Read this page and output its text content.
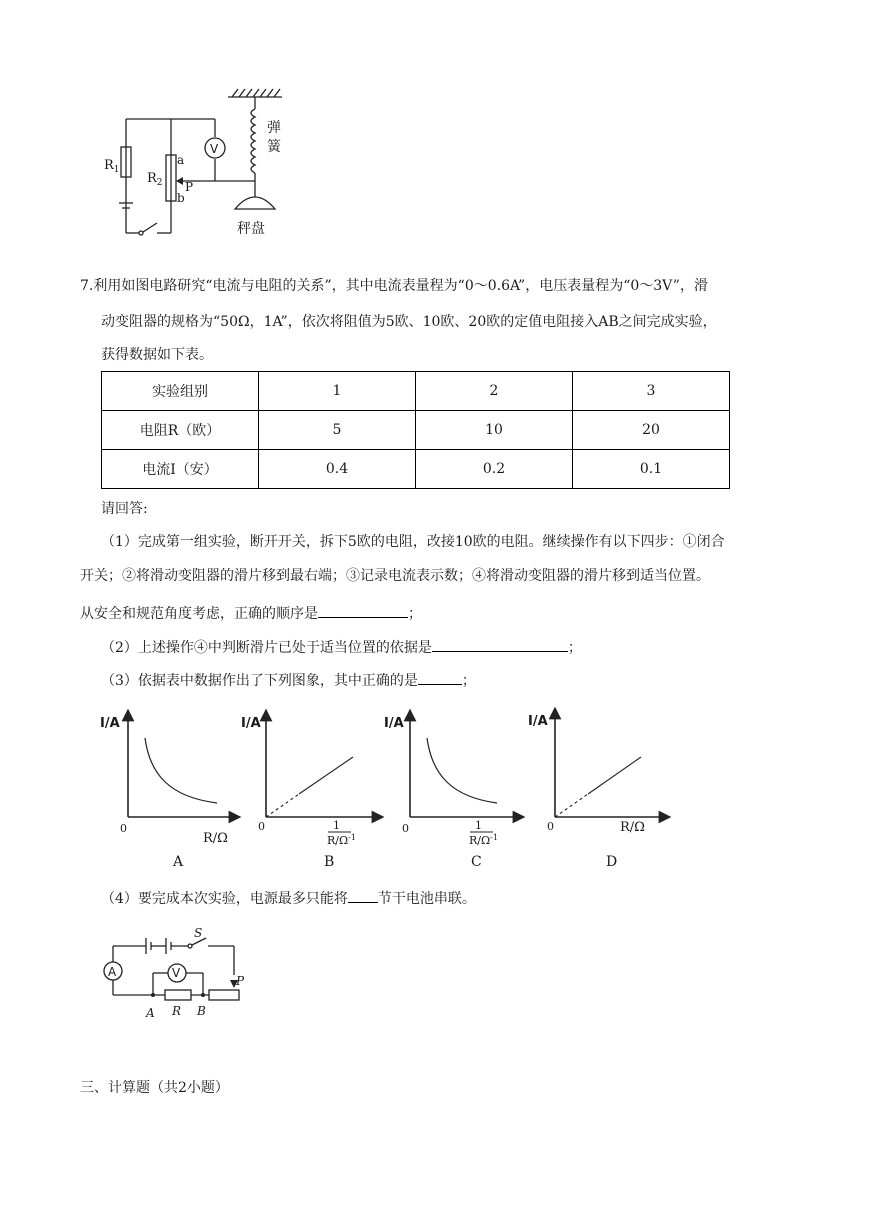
$R_1$
$R_2$
a
b
P
V
弹
簧
秤盘
7.利用如图电路研究“电流与电阻的关系”，其中电流表量程为“0～0.6A”，电压表量程为“0～3V”，滑
动变阻器的规格为“50Ω，1A”，依次将阻值为5欧、10欧、20欧的定值电阻接入AB之间完成实验，
获得数据如下表。
实验组别	1	2	3
电阻R（欧）	5	10	20
电流I（安）	0.4	0.2	0.1
请回答:
（1）完成第一组实验，断开开关，拆下5欧的电阻，改接10欧的电阻。继续操作有以下四步：①闭合
开关；②将滑动变阻器的滑片移到最右端；③记录电流表示数；④将滑动变阻器的滑片移到适当位置。
从安全和规范角度考虑，正确的顺序是	；
（2）上述操作④中判断滑片已处于适当位置的依据是	；
（3）依据表中数据作出了下列图象，其中正确的是	；
I/A
0
R/Ω
A
I/A
0	1
$R/\Omega^{-1}$
B
I/A
0	1
$R/\Omega^{-1}$
C
I/A
0	R/Ω
D
（4）要完成本次实验，电源最多只能将 节干电池串联。
A	V
S
P
A R B
三、计算题（共2小题）
